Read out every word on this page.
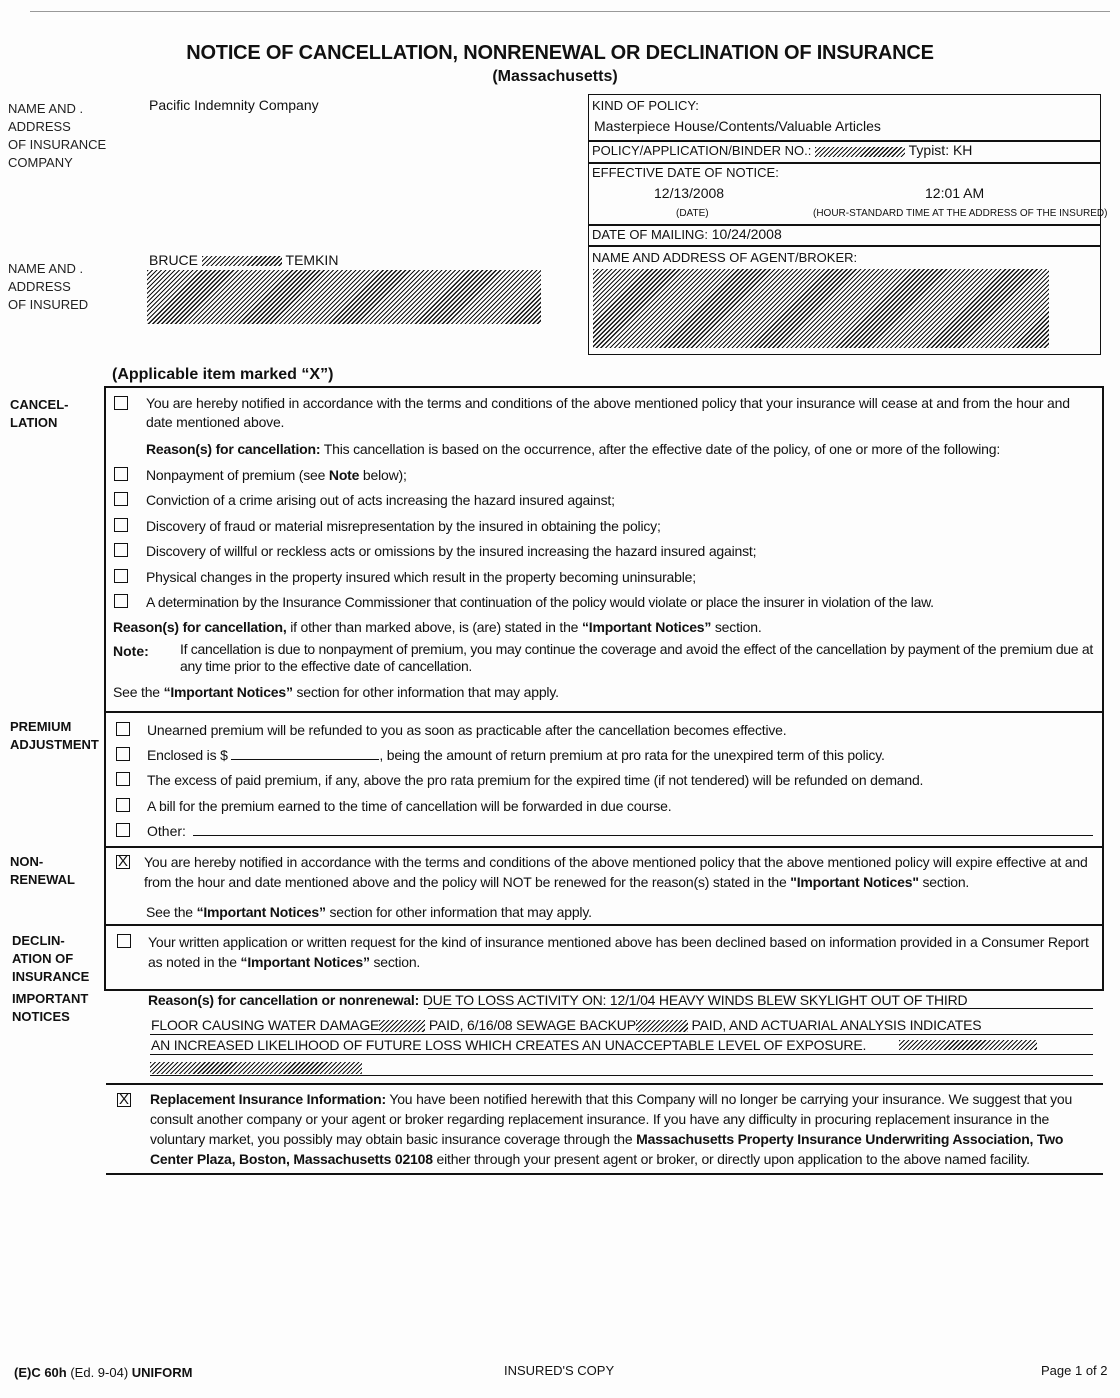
NOTICE OF CANCELLATION, NONRENEWAL OR DECLINATION OF INSURANCE
(Massachusetts)
NAME AND .
ADDRESS
OF INSURANCE
COMPANY
Pacific Indemnity Company
NAME AND .
ADDRESS
OF INSURED
BRUCE	TEMKIN
KIND OF POLICY:
Masterpiece House/Contents/Valuable Articles
POLICY/APPLICATION/BINDER NO.:	Typist: KH
EFFECTIVE DATE OF NOTICE:
12/13/2008	12:01 AM
(DATE)	(HOUR-STANDARD TIME AT THE ADDRESS OF THE INSURED)
DATE OF MAILING: 10/24/2008
NAME AND ADDRESS OF AGENT/BROKER:
(Applicable item marked “X”)
CANCEL-
LATION
You are hereby notified in accordance with the terms and conditions of the above mentioned policy that your insurance will cease at and from the hour and date mentioned above.
Reason(s) for cancellation: This cancellation is based on the occurrence, after the effective date of the policy, of one or more of the following:
Nonpayment of premium (see Note below);
Conviction of a crime arising out of acts increasing the hazard insured against;
Discovery of fraud or material misrepresentation by the insured in obtaining the policy;
Discovery of willful or reckless acts or omissions by the insured increasing the hazard insured against;
Physical changes in the property insured which result in the property becoming uninsurable;
A determination by the Insurance Commissioner that continuation of the policy would violate or place the insurer in violation of the law.
Reason(s) for cancellation, if other than marked above, is (are) stated in the “Important Notices” section.
Note: If cancellation is due to nonpayment of premium, you may continue the coverage and avoid the effect of the cancellation by payment of the premium due at any time prior to the effective date of cancellation.
See the “Important Notices” section for other information that may apply.
PREMIUM
ADJUSTMENT
Unearned premium will be refunded to you as soon as practicable after the cancellation becomes effective.
Enclosed is $	, being the amount of return premium at pro rata for the unexpired term of this policy.
The excess of paid premium, if any, above the pro rata premium for the expired time (if not tendered) will be refunded on demand.
A bill for the premium earned to the time of cancellation will be forwarded in due course.
Other:
NON-
RENEWAL
X You are hereby notified in accordance with the terms and conditions of the above mentioned policy that the above mentioned policy will expire effective at and from the hour and date mentioned above and the policy will NOT be renewed for the reason(s) stated in the "Important Notices" section.
See the “Important Notices” section for other information that may apply.
DECLIN-
ATION OF
INSURANCE
Your written application or written request for the kind of insurance mentioned above has been declined based on information provided in a Consumer Report as noted in the “Important Notices” section.
IMPORTANT
NOTICES
Reason(s) for cancellation or nonrenewal: DUE TO LOSS ACTIVITY ON: 12/1/04 HEAVY WINDS BLEW SKYLIGHT OUT OF THIRD
FLOOR CAUSING WATER DAMAGE	PAID, 6/16/08 SEWAGE BACKUP	PAID, AND ACTUARIAL ANALYSIS INDICATES
AN INCREASED LIKELIHOOD OF FUTURE LOSS WHICH CREATES AN UNACCEPTABLE LEVEL OF EXPOSURE.
X Replacement Insurance Information: You have been notified herewith that this Company will no longer be carrying your insurance. We suggest that you consult another company or your agent or broker regarding replacement insurance. If you have any difficulty in procuring replacement insurance in the voluntary market, you possibly may obtain basic insurance coverage through the Massachusetts Property Insurance Underwriting Association, Two Center Plaza, Boston, Massachusetts 02108 either through your present agent or broker, or directly upon application to the above named facility.
(E)C 60h (Ed. 9-04) UNIFORM	INSURED'S COPY	Page 1 of 2
